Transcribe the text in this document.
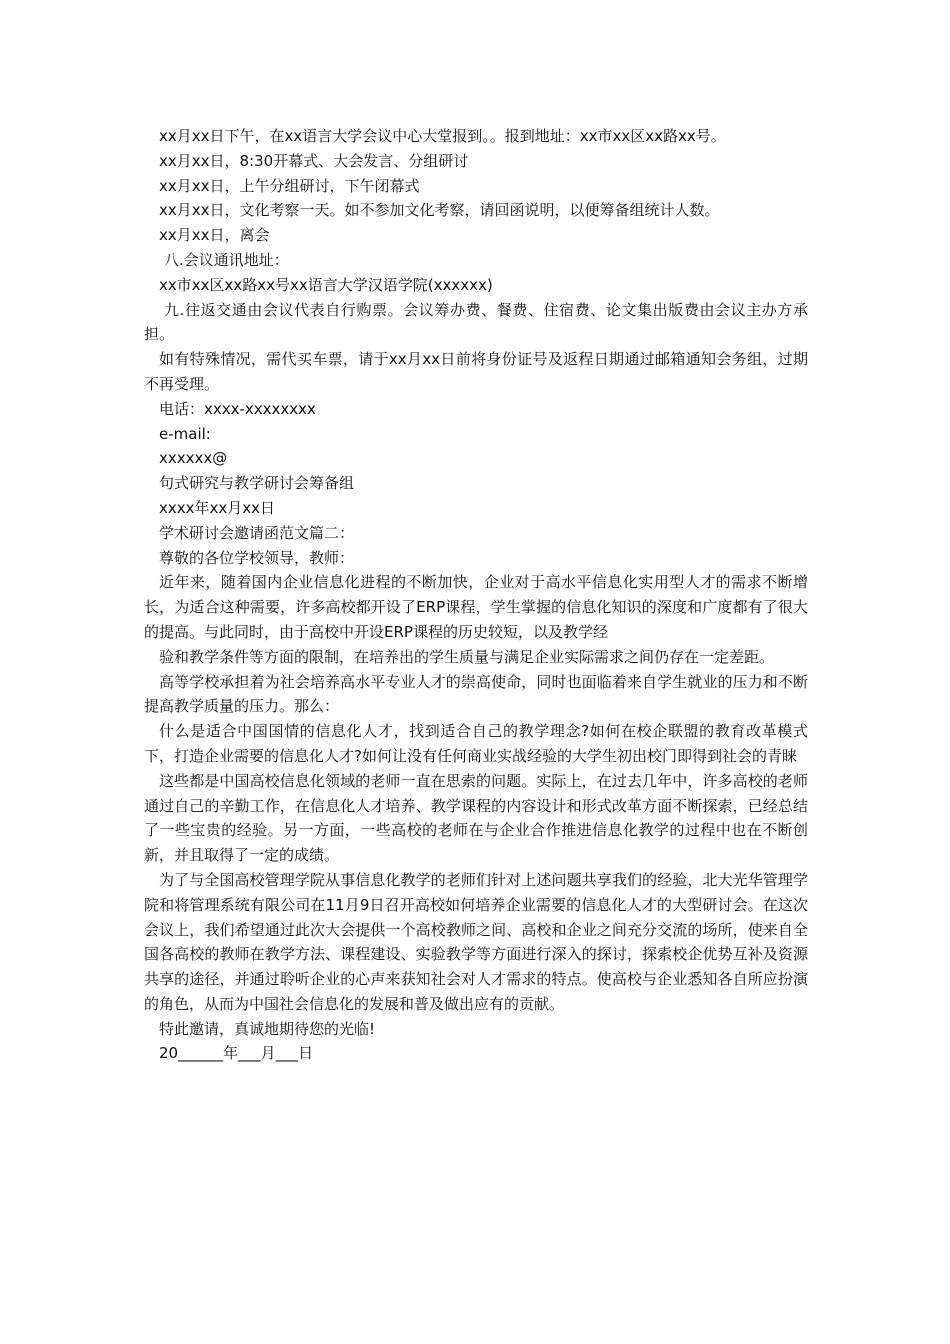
xx月xx日下午，在xx语言大学会议中心大堂报到。。报到地址：xx市xx区xx路xx号。

xx月xx日，8:30开幕式、大会发言、分组研讨

xx月xx日，上午分组研讨，下午闭幕式

xx月xx日，文化考察一天。如不参加文化考察，请回函说明，以便筹备组统计人数。

xx月xx日，离会

八.会议通讯地址：

xx市xx区xx路xx号xx语言大学汉语学院(xxxxxx)

九.往返交通由会议代表自行购票。会议筹办费、餐费、住宿费、论文集出版费由会议主办方承担。

如有特殊情况，需代买车票，请于xx月xx日前将身份证号及返程日期通过邮箱通知会务组，过期不再受理。

电话：xxxx-xxxxxxxx

e-mail:

xxxxxx@

句式研究与教学研讨会筹备组

xxxx年xx月xx日

学术研讨会邀请函范文篇二：

尊敬的各位学校领导，教师：

近年来，随着国内企业信息化进程的不断加快，企业对于高水平信息化实用型人才的需求不断增长，为适合这种需要，许多高校都开设了ERP课程，学生掌握的信息化知识的深度和广度都有了很大的提高。与此同时，由于高校中开设ERP课程的历史较短，以及教学经

验和教学条件等方面的限制，在培养出的学生质量与满足企业实际需求之间仍存在一定差距。

高等学校承担着为社会培养高水平专业人才的崇高使命，同时也面临着来自学生就业的压力和不断提高教学质量的压力。那么：

什么是适合中国国情的信息化人才，找到适合自己的教学理念?如何在校企联盟的教育改革模式下，打造企业需要的信息化人才?如何让没有任何商业实战经验的大学生初出校门即得到社会的青睐

这些都是中国高校信息化领域的老师一直在思索的问题。实际上，在过去几年中，许多高校的老师通过自己的辛勤工作，在信息化人才培养、教学课程的内容设计和形式改革方面不断探索，已经总结了一些宝贵的经验。另一方面，一些高校的老师在与企业合作推进信息化教学的过程中也在不断创新，并且取得了一定的成绩。

为了与全国高校管理学院从事信息化教学的老师们针对上述问题共享我们的经验，北大光华管理学院和将管理系统有限公司在11月9日召开高校如何培养企业需要的信息化人才的大型研讨会。在这次会议上，我们希望通过此次大会提供一个高校教师之间、高校和企业之间充分交流的场所，使来自全国各高校的教师在教学方法、课程建设、实验教学等方面进行深入的探讨，探索校企优势互补及资源共享的途径，并通过聆听企业的心声来获知社会对人才需求的特点。使高校与企业悉知各自所应扮演的角色，从而为中国社会信息化的发展和普及做出应有的贡献。

特此邀请，真诚地期待您的光临!

20______年___月___日
